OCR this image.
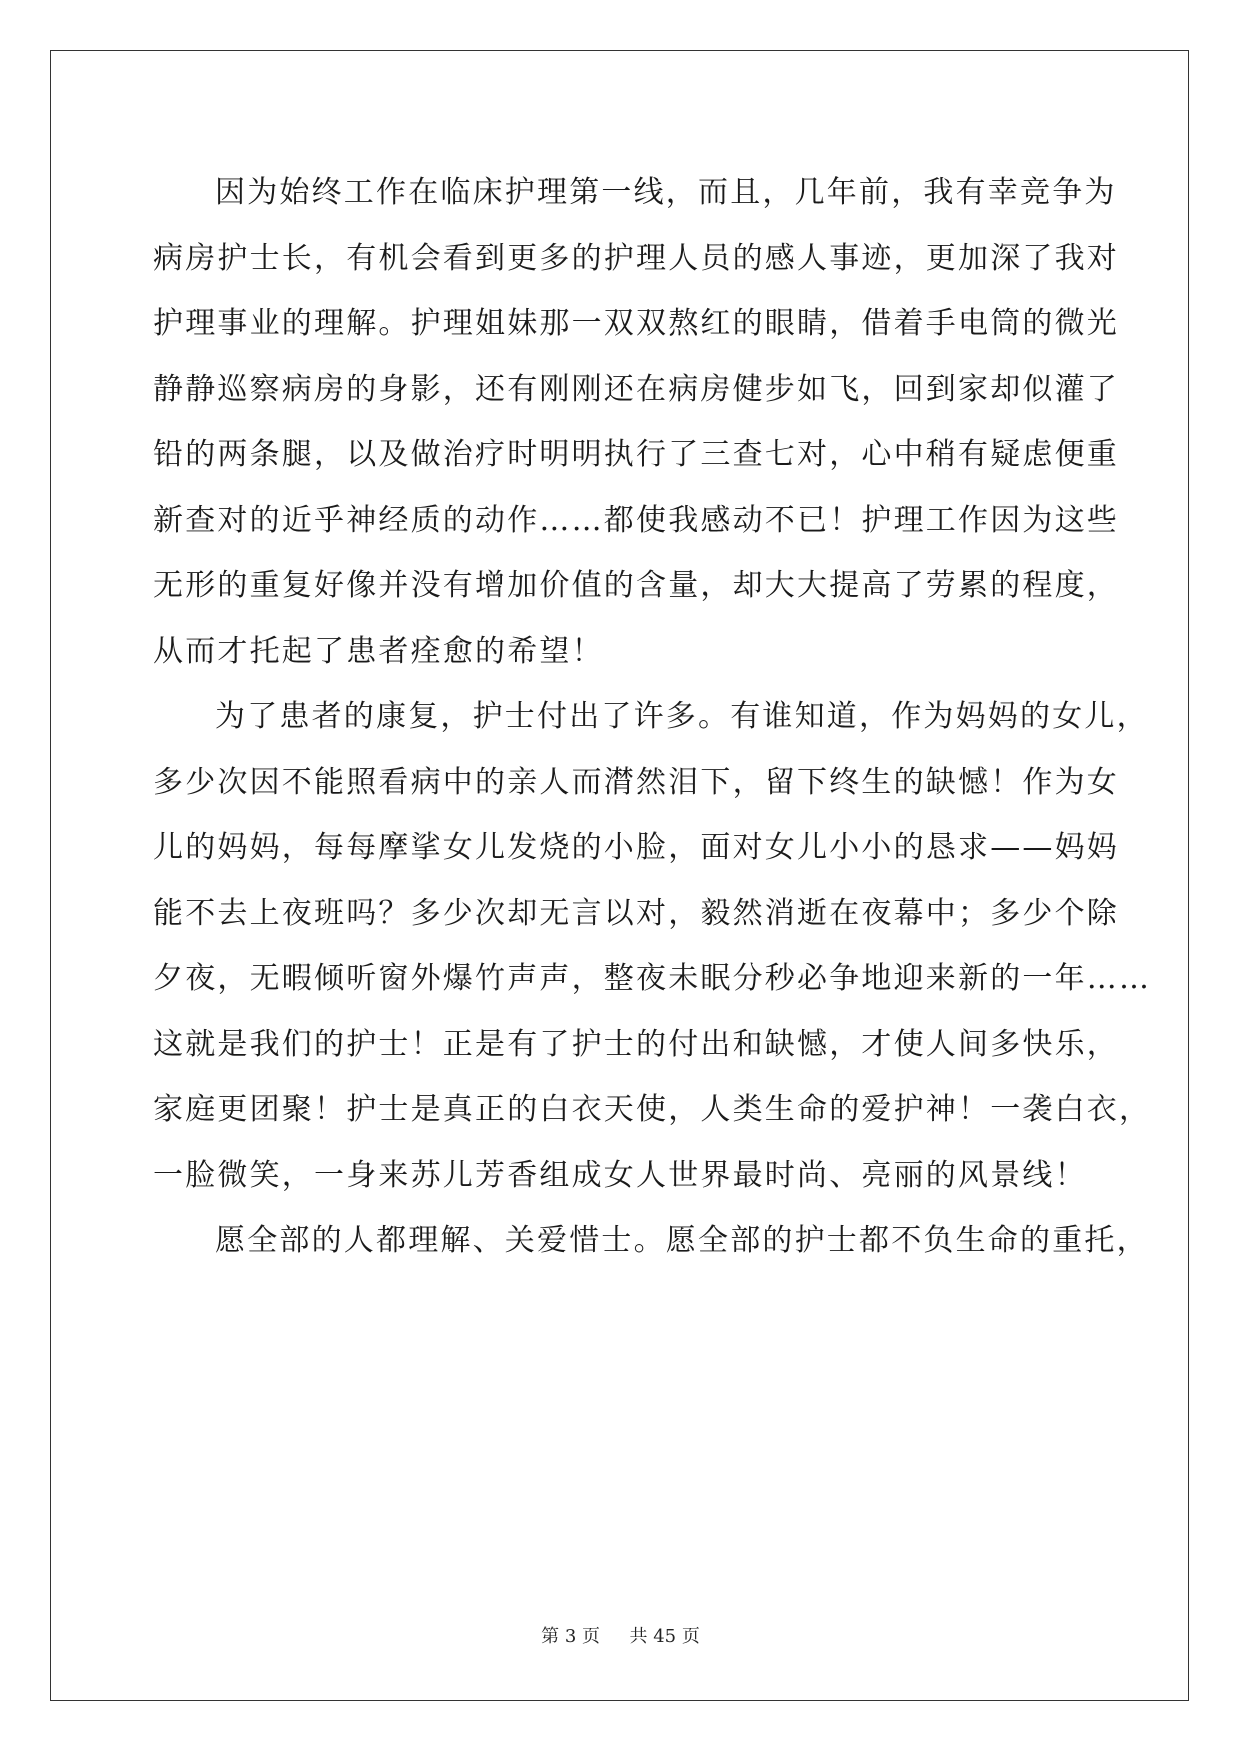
因为始终工作在临床护理第一线，而且，几年前，我有幸竞争为
病房护士长，有机会看到更多的护理人员的感人事迹，更加深了我对
护理事业的理解。护理姐妹那一双双熬红的眼睛，借着手电筒的微光
静静巡察病房的身影，还有刚刚还在病房健步如飞，回到家却似灌了
铅的两条腿，以及做治疗时明明执行了三查七对，心中稍有疑虑便重
新查对的近乎神经质的动作……都使我感动不已！护理工作因为这些
无形的重复好像并没有增加价值的含量，却大大提高了劳累的程度，
从而才托起了患者痊愈的希望！
为了患者的康复，护士付出了许多。有谁知道，作为妈妈的女儿，
多少次因不能照看病中的亲人而潸然泪下，留下终生的缺憾！作为女
儿的妈妈，每每摩挲女儿发烧的小脸，面对女儿小小的恳求——妈妈
能不去上夜班吗？多少次却无言以对，毅然消逝在夜幕中；多少个除
夕夜，无暇倾听窗外爆竹声声，整夜未眠分秒必争地迎来新的一年……
这就是我们的护士！正是有了护士的付出和缺憾，才使人间多快乐，
家庭更团聚！护士是真正的白衣天使，人类生命的爱护神！一袭白衣，
一脸微笑，一身来苏儿芳香组成女人世界最时尚、亮丽的风景线！
愿全部的人都理解、关爱惜士。愿全部的护士都不负生命的重托，
第 3 页 共 45 页
